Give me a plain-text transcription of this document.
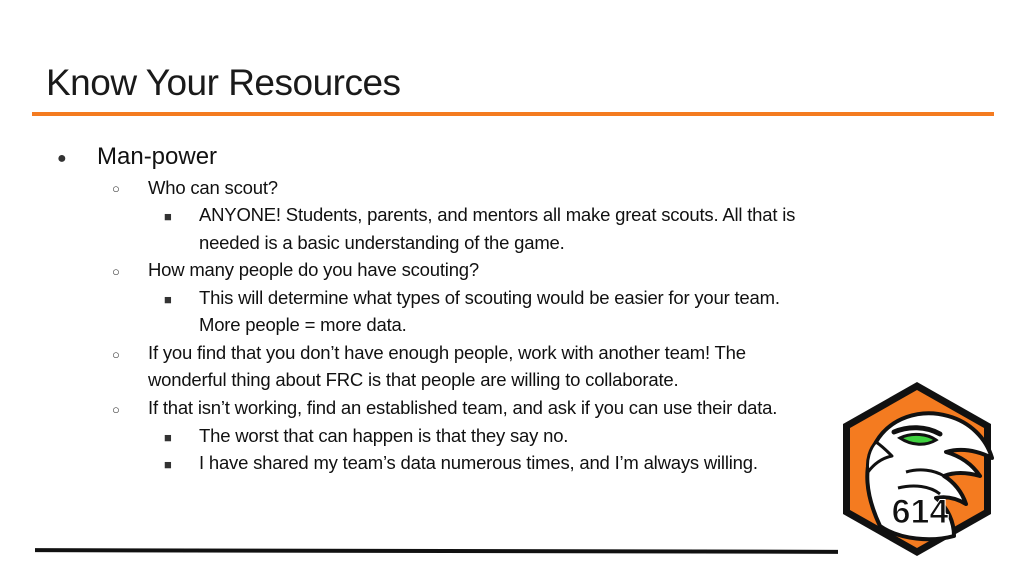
Know Your Resources
● Man-power
○ Who can scout?
■ ANYONE! Students, parents, and mentors all make great scouts. All that is
needed is a basic understanding of the game.
○ How many people do you have scouting?
■ This will determine what types of scouting would be easier for your team.
More people = more data.
○ If you find that you don’t have enough people, work with another team! The
wonderful thing about FRC is that people are willing to collaborate.
○ If that isn’t working, find an established team, and ask if you can use their data.
■ The worst that can happen is that they say no.
■ I have shared my team’s data numerous times, and I’m always willing.
614
